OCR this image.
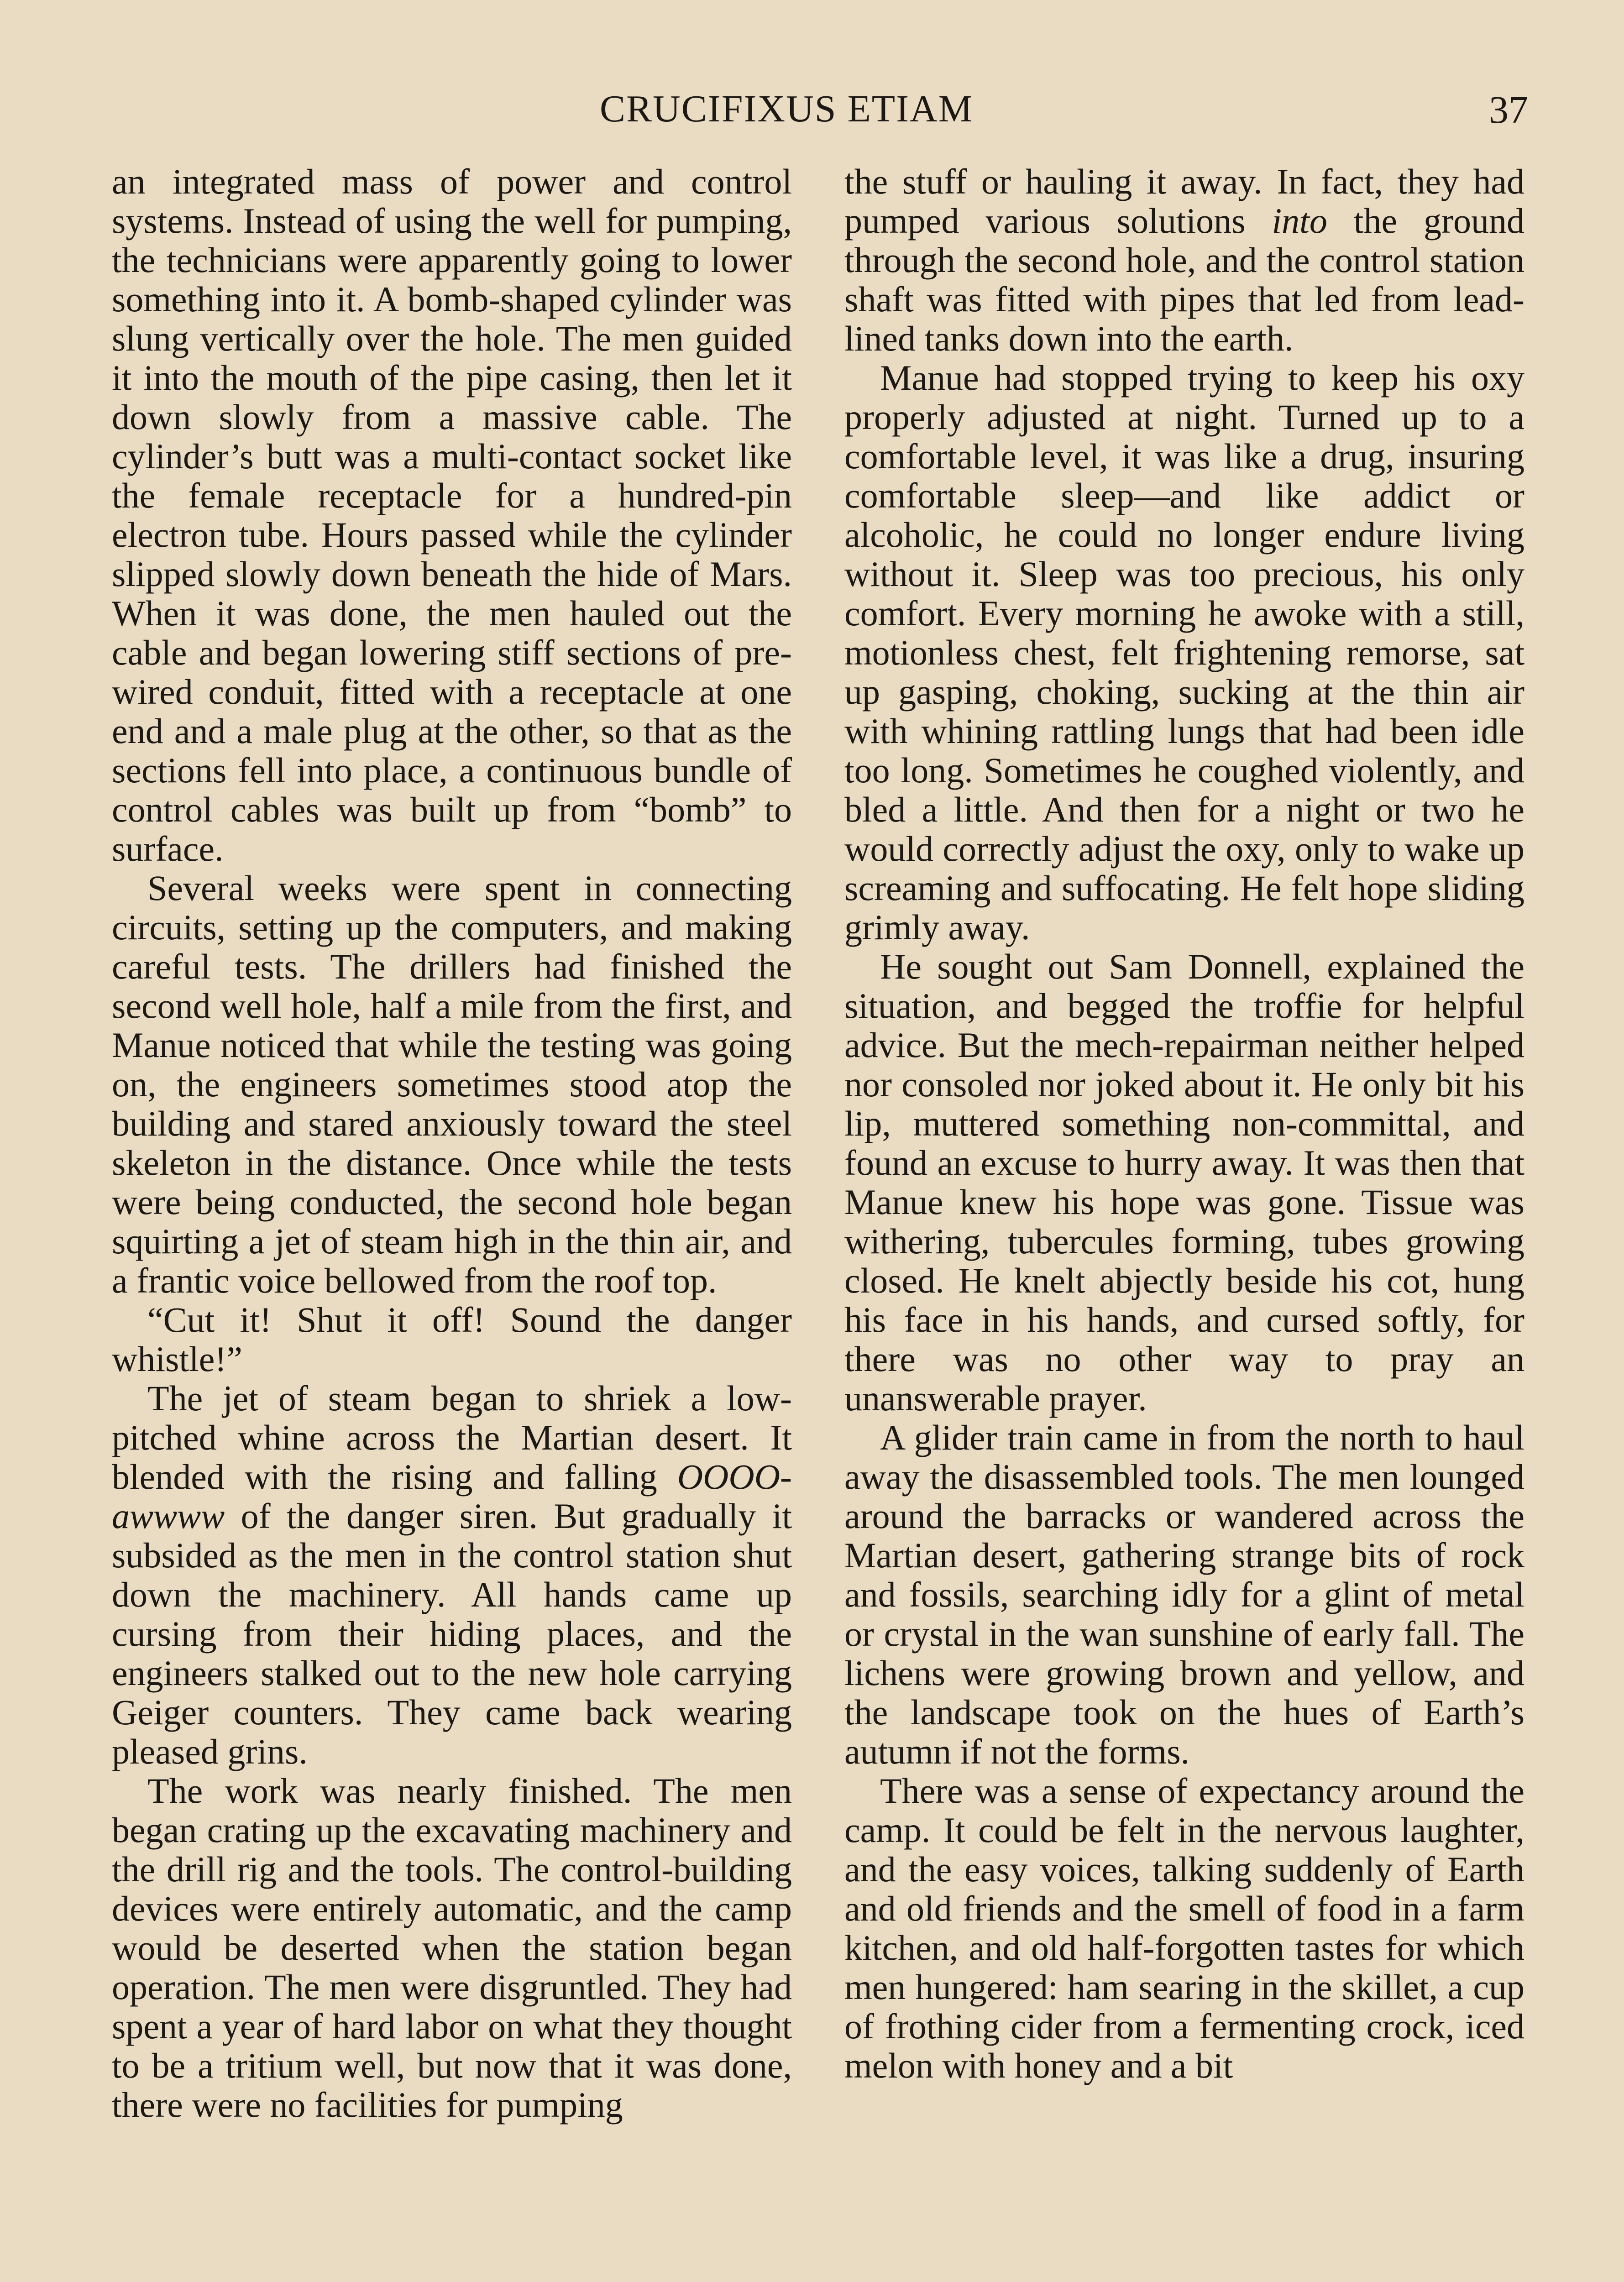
CRUCIFIXUS ETIAM	37

an integrated mass of power and control systems. Instead of using the well for pumping, the technicians were apparently going to lower something into it. A bomb-shaped cylinder was slung vertically over the hole. The men guided it into the mouth of the pipe casing, then let it down slowly from a massive cable. The cylinder’s butt was a multi-contact socket like the female receptacle for a hundred-pin electron tube. Hours passed while the cylinder slipped slowly down beneath the hide of Mars. When it was done, the men hauled out the cable and began lowering stiff sections of pre-wired conduit, fitted with a receptacle at one end and a male plug at the other, so that as the sections fell into place, a continuous bundle of control cables was built up from “bomb” to surface.

Several weeks were spent in connecting circuits, setting up the computers, and making careful tests. The drillers had finished the second well hole, half a mile from the first, and Manue noticed that while the testing was going on, the engineers sometimes stood atop the building and stared anxiously toward the steel skeleton in the distance. Once while the tests were being conducted, the second hole began squirting a jet of steam high in the thin air, and a frantic voice bellowed from the roof top.

“Cut it! Shut it off! Sound the danger whistle!”

The jet of steam began to shriek a low-pitched whine across the Martian desert. It blended with the rising and falling OOOO-awwww of the danger siren. But gradually it subsided as the men in the control station shut down the machinery. All hands came up cursing from their hiding places, and the engineers stalked out to the new hole carrying Geiger counters. They came back wearing pleased grins.

The work was nearly finished. The men began crating up the excavating machinery and the drill rig and the tools. The control-building devices were entirely automatic, and the camp would be deserted when the station began operation. The men were disgruntled. They had spent a year of hard labor on what they thought to be a tritium well, but now that it was done, there were no facilities for pumping

the stuff or hauling it away. In fact, they had pumped various solutions into the ground through the second hole, and the control station shaft was fitted with pipes that led from lead-lined tanks down into the earth.

Manue had stopped trying to keep his oxy properly adjusted at night. Turned up to a comfortable level, it was like a drug, insuring comfortable sleep—and like addict or alcoholic, he could no longer endure living without it. Sleep was too precious, his only comfort. Every morning he awoke with a still, motionless chest, felt frightening remorse, sat up gasping, choking, sucking at the thin air with whining rattling lungs that had been idle too long. Sometimes he coughed violently, and bled a little. And then for a night or two he would correctly adjust the oxy, only to wake up screaming and suffocating. He felt hope sliding grimly away.

He sought out Sam Donnell, explained the situation, and begged the troffie for helpful advice. But the mech-repairman neither helped nor consoled nor joked about it. He only bit his lip, muttered something non-committal, and found an excuse to hurry away. It was then that Manue knew his hope was gone. Tissue was withering, tubercules forming, tubes growing closed. He knelt abjectly beside his cot, hung his face in his hands, and cursed softly, for there was no other way to pray an unanswerable prayer.

A glider train came in from the north to haul away the disassembled tools. The men lounged around the barracks or wandered across the Martian desert, gathering strange bits of rock and fossils, searching idly for a glint of metal or crystal in the wan sunshine of early fall. The lichens were growing brown and yellow, and the landscape took on the hues of Earth’s autumn if not the forms.

There was a sense of expectancy around the camp. It could be felt in the nervous laughter, and the easy voices, talking suddenly of Earth and old friends and the smell of food in a farm kitchen, and old half-forgotten tastes for which men hungered: ham searing in the skillet, a cup of frothing cider from a fermenting crock, iced melon with honey and a bit
